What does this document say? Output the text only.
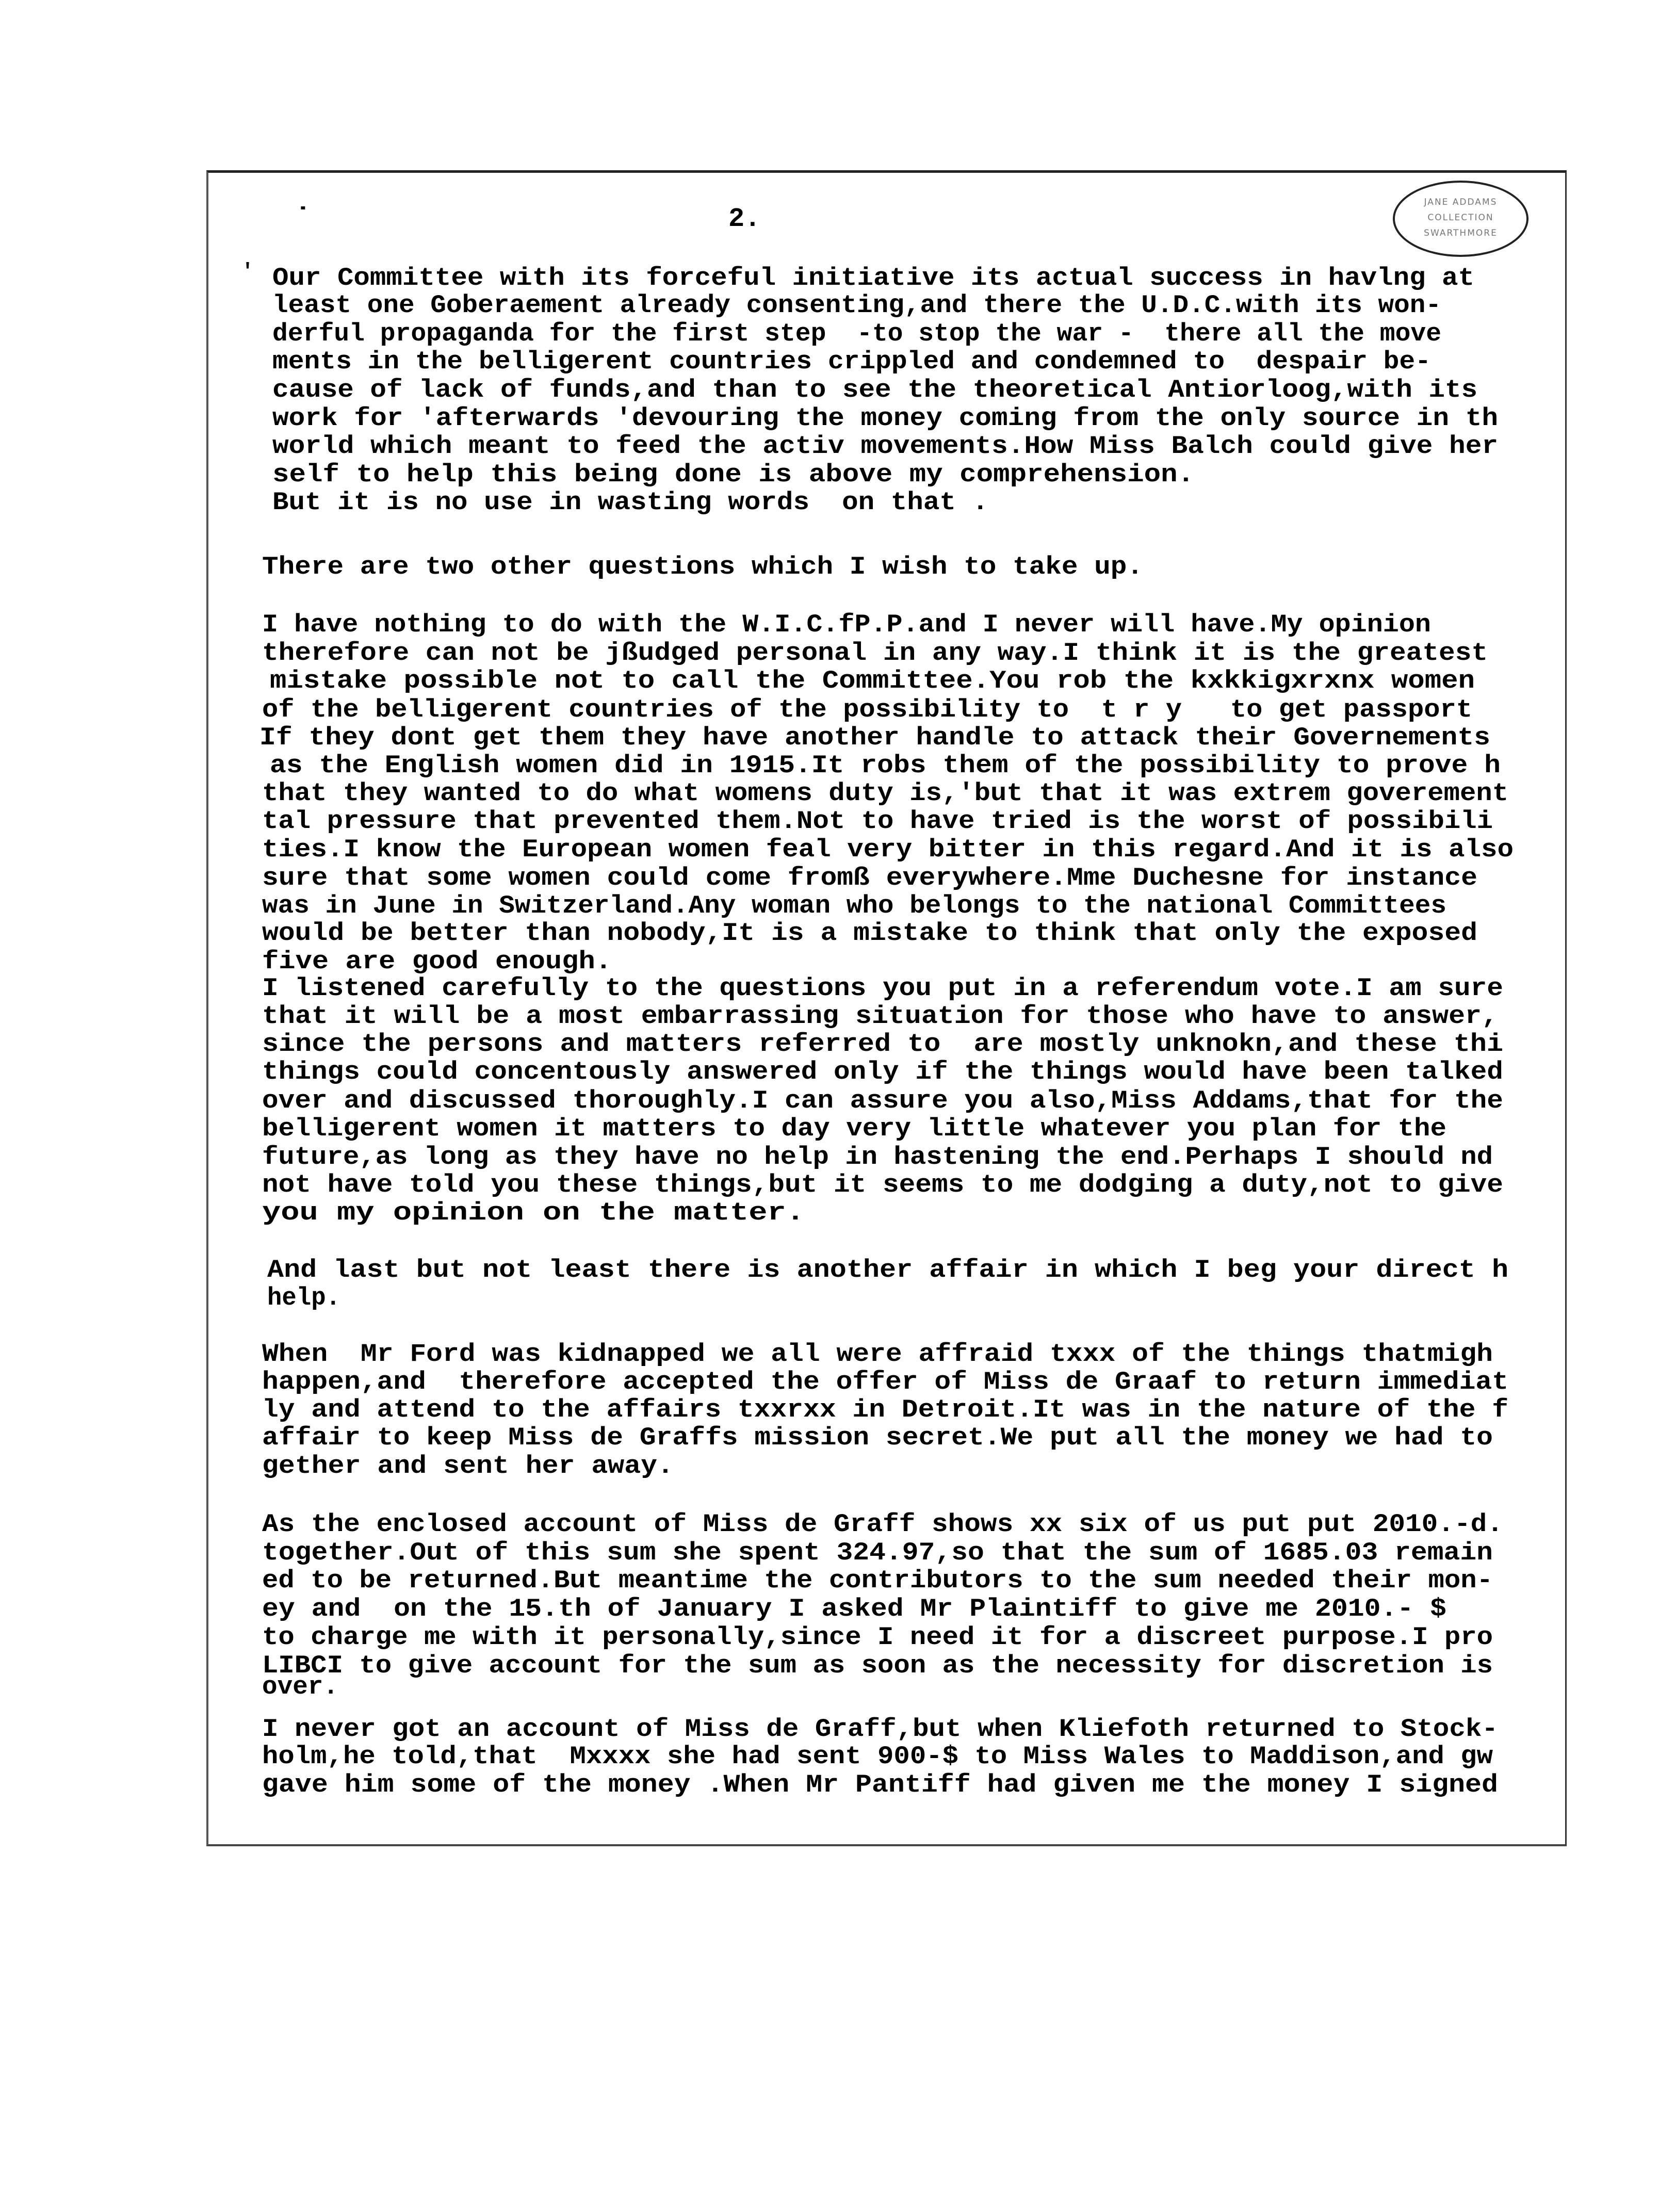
JANE ADDAMS
COLLECTION
SWARTHMORE
2.
˙
' Our Committee with its forceful initiative its actual success in havlng at
least one Goberaement already consenting,and there the U.D.C.with its won-
derful propaganda for the first step  -to stop the war -  there all the move
ments in the belligerent countries crippled and condemned to  despair be-
cause of lack of funds,and than to see the theoretical Antiorloog,with its
work for 'afterwards 'devouring the money coming from the only source in th
world which meant to feed the activ movements.How Miss Balch could give her
self to help this being done is above my comprehension.
But it is no use in wasting words  on that .
There are two other questions which I wish to take up.
I have nothing to do with the W.I.C.fP.P.and I never will have.My opinion
therefore can not be jßudged personal in any way.I think it is the greatest
mistake possible not to call the Committee.You rob the kxkkigxrxnx women
of the belligerent countries of the possibility to  t r y   to get passport
If they dont get them they have another handle to attack their Governements
as the English women did in 1915.It robs them of the possibility to prove h
that they wanted to do what womens duty is,'but that it was extrem goverement
tal pressure that prevented them.Not to have tried is the worst of possibili
ties.I know the European women feal very bitter in this regard.And it is also
sure that some women could come fromß everywhere.Mme Duchesne for instance
was in June in Switzerland.Any woman who belongs to the national Committees
would be better than nobody,It is a mistake to think that only the exposed
five are good enough.
I listened carefully to the questions you put in a referendum vote.I am sure
that it will be a most embarrassing situation for those who have to answer,
since the persons and matters referred to  are mostly unknokn,and these thi
things could concentously answered only if the things would have been talked
over and discussed thoroughly.I can assure you also,Miss Addams,that for the
belligerent women it matters to day very little whatever you plan for the
future,as long as they have no help in hastening the end.Perhaps I should nd
not have told you these things,but it seems to me dodging a duty,not to give
you my opinion on the matter.
And last but not least there is another affair in which I beg your direct h
help.
When  Mr Ford was kidnapped we all were affraid txxx of the things thatmigh
happen,and  therefore accepted the offer of Miss de Graaf to return immediat
ly and attend to the affairs txxrxx in Detroit.It was in the nature of the f
affair to keep Miss de Graffs mission secret.We put all the money we had to
gether and sent her away.
As the enclosed account of Miss de Graff shows xx six of us put put 2010.-d.
together.Out of this sum she spent 324.97,so that the sum of 1685.03 remain
ed to be returned.But meantime the contributors to the sum needed their mon-
ey and  on the 15.th of January I asked Mr Plaintiff to give me 2010.- $
to charge me with it personally,since I need it for a discreet purpose.I pro
LIBCI to give account for the sum as soon as the necessity for discretion is
over.
I never got an account of Miss de Graff,but when Kliefoth returned to Stock-
holm,he told,that  Mxxxx she had sent 900-$ to Miss Wales to Maddison,and gw
gave him some of the money .When Mr Pantiff had given me the money I signed
